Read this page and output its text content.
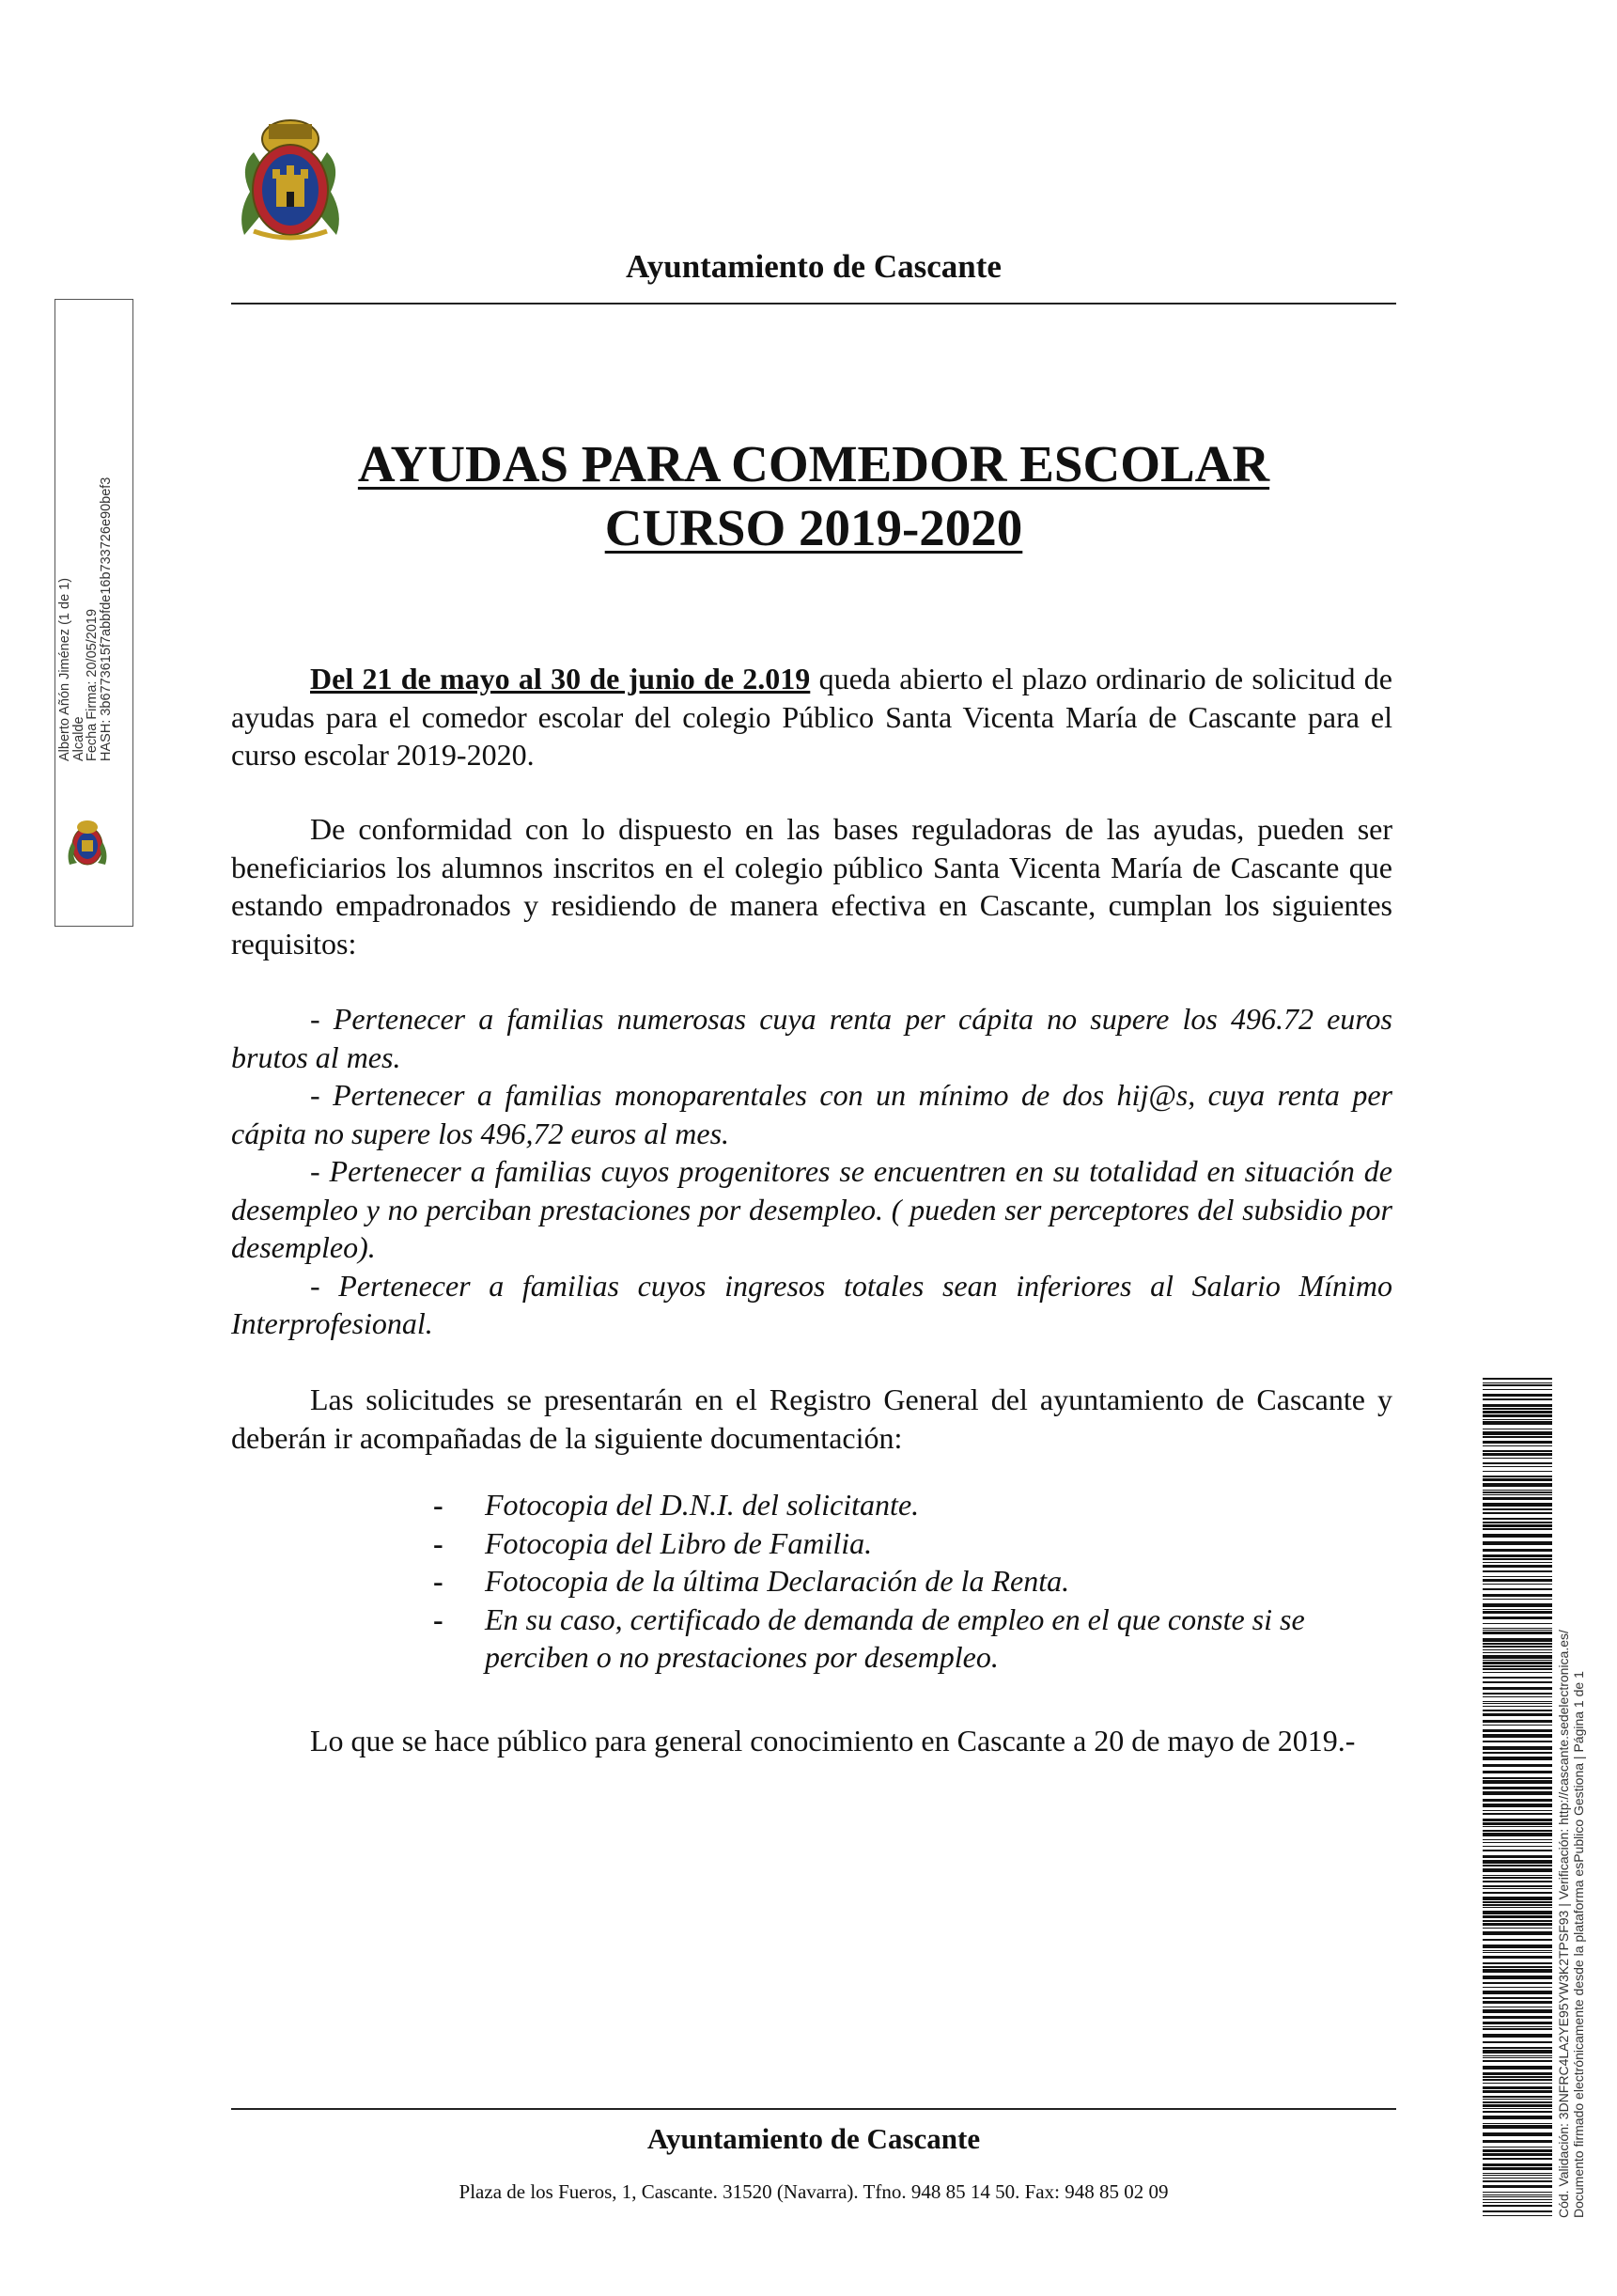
Ayuntamiento de Cascante
AYUDAS PARA COMEDOR ESCOLAR
CURSO 2019-2020
Del 21 de mayo al 30 de junio de 2.019 queda abierto el plazo ordinario de solicitud de ayudas para el comedor escolar del colegio Público Santa Vicenta María de Cascante para el curso escolar 2019-2020.
De conformidad con lo dispuesto en las bases reguladoras de las ayudas, pueden ser beneficiarios los alumnos inscritos en el colegio público Santa Vicenta María de Cascante que estando empadronados y residiendo de manera efectiva en Cascante, cumplan los siguientes requisitos:
- Pertenecer a familias numerosas cuya renta per cápita no supere los 496.72 euros brutos al mes.
- Pertenecer a familias monoparentales con un mínimo de dos hij@s, cuya renta per cápita no supere los 496,72 euros al mes.
- Pertenecer a familias cuyos progenitores se encuentren en su totalidad en situación de desempleo y no perciban prestaciones por desempleo. ( pueden ser perceptores del subsidio por desempleo).
- Pertenecer a familias cuyos ingresos totales sean inferiores al Salario Mínimo Interprofesional.
Las solicitudes se presentarán en el Registro General del ayuntamiento de Cascante y deberán ir acompañadas de la siguiente documentación:
- Fotocopia del D.N.I. del solicitante.
- Fotocopia del Libro de Familia.
- Fotocopia de la última Declaración de la Renta.
- En su caso, certificado de demanda de empleo en el que conste si se perciben o no prestaciones por desempleo.
Lo que se hace público para general conocimiento en Cascante a 20 de mayo de 2019.-
Ayuntamiento de Cascante
Plaza de los Fueros, 1, Cascante. 31520 (Navarra). Tfno. 948 85 14 50. Fax: 948 85 02 09
Alberto Añón Jiménez (1 de 1)
Alcalde
Fecha Firma: 20/05/2019
HASH: 3b6773615f7abbfde16b733726e90bef3
Cód. Validación: 3DNFRC4LA2YE95YW3K2TPSF93 | Verificación: http://cascante.sedelectronica.es/ Documento firmado electrónicamente desde la plataforma esPublico Gestiona | Página 1 de 1
